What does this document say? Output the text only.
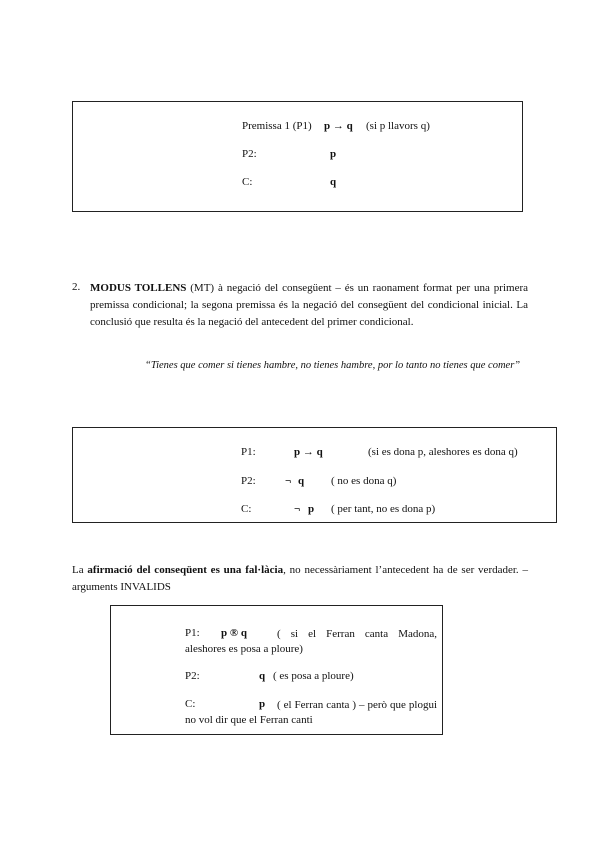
Premissa 1 (P1) p → q (si p llavors q)
P2:	p
C:	q
2. MODUS TOLLENS (MT) à negació del consegüent – és un raonament format per una primera premissa condicional; la segona premissa és la negació del consegüent del condicional inicial. La conclusió que resulta és la negació del antecedent del primer condicional.
“Tienes que comer si tienes hambre, no tienes hambre, por lo tanto no tienes que comer”
P1:	p → q	(si es dona p, aleshores es dona q)
P2:	¬ q ( no es dona q)
C:	¬ p ( per tant, no es dona p)
La afirmació del conseqüent es una fal·làcia, no necessàriament l’antecedent ha de ser verdader. – arguments INVALIDS
P1: p ® q	( si el Ferran canta Madona, aleshores es posa a ploure)
P2:	q ( es posa a ploure)
C:	p	( el Ferran canta ) – però que plogui no vol dir que el Ferran canti
